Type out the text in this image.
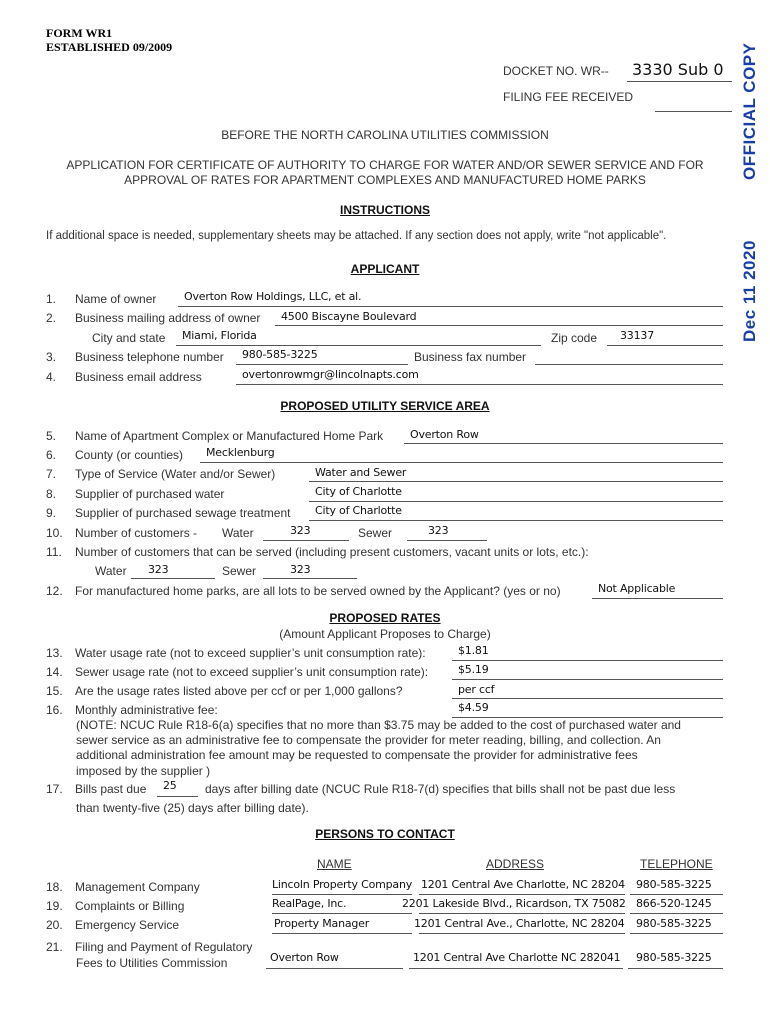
FORM WR1
ESTABLISHED 09/2009
DOCKET NO. WR-- 3330 Sub 0
FILING FEE RECEIVED	OFFICIAL COPY
Dec 11 2020
BEFORE THE NORTH CAROLINA UTILITIES COMMISSION
APPLICATION FOR CERTIFICATE OF AUTHORITY TO CHARGE FOR WATER AND/OR SEWER SERVICE AND FOR
APPROVAL OF RATES FOR APARTMENT COMPLEXES AND MANUFACTURED HOME PARKS
INSTRUCTIONS
If additional space is needed, supplementary sheets may be attached. If any section does not apply, write "not applicable".
APPLICANT
1. Name of owner	Overton Row Holdings, LLC, et al.
2. Business mailing address of owner 4500 Biscayne Boulevard
City and state Miami, Florida	Zip code 33137
3. Business telephone number 980-585-3225	Business fax number
4. Business email address	overtonrowmgr@lincolnapts.com
PROPOSED UTILITY SERVICE AREA
5. Name of Apartment Complex or Manufactured Home Park Overton Row
6. County (or counties) Mecklenburg
7. Type of Service (Water and/or Sewer)	Water and Sewer
8. Supplier of purchased water	City of Charlotte
9. Supplier of purchased sewage treatment City of Charlotte
10. Number of customers - Water	323	Sewer	323
11. Number of customers that can be served (including present customers, vacant units or lots, etc.):
Water 323	Sewer	323
12. For manufactured home parks, are all lots to be served owned by the Applicant? (yes or no)	Not Applicable
PROPOSED RATES
(Amount Applicant Proposes to Charge)
13. Water usage rate (not to exceed supplier’s unit consumption rate):	$1.81
14. Sewer usage rate (not to exceed supplier’s unit consumption rate):	$5.19
15. Are the usage rates listed above per ccf or per 1,000 gallons?	per ccf
16. Monthly administrative fee:	$4.59
(NOTE: NCUC Rule R18-6(a) specifies that no more than $3.75 may be added to the cost of purchased water and
sewer service as an administrative fee to compensate the provider for meter reading, billing, and collection. An
additional administration fee amount may be requested to compensate the provider for administrative fees
imposed by the supplier )
17. Bills past due 25 days after billing date (NCUC Rule R18-7(d) specifies that bills shall not be past due less
than twenty-five (25) days after billing date).
PERSONS TO CONTACT
NAME	ADDRESS	TELEPHONE
18. Management Company	Lincoln Property Company 1201 Central Ave Charlotte, NC 28204 980-585-3225
19. Complaints or Billing	RealPage, Inc.	2201 Lakeside Blvd., Ricardson, TX 75082 866-520-1245
20. Emergency Service	Property Manager	1201 Central Ave., Charlotte, NC 28204 980-585-3225
21. Filing and Payment of Regulatory
Fees to Utilities Commission	Overton Row	1201 Central Ave Charlotte NC 282041 980-585-3225
